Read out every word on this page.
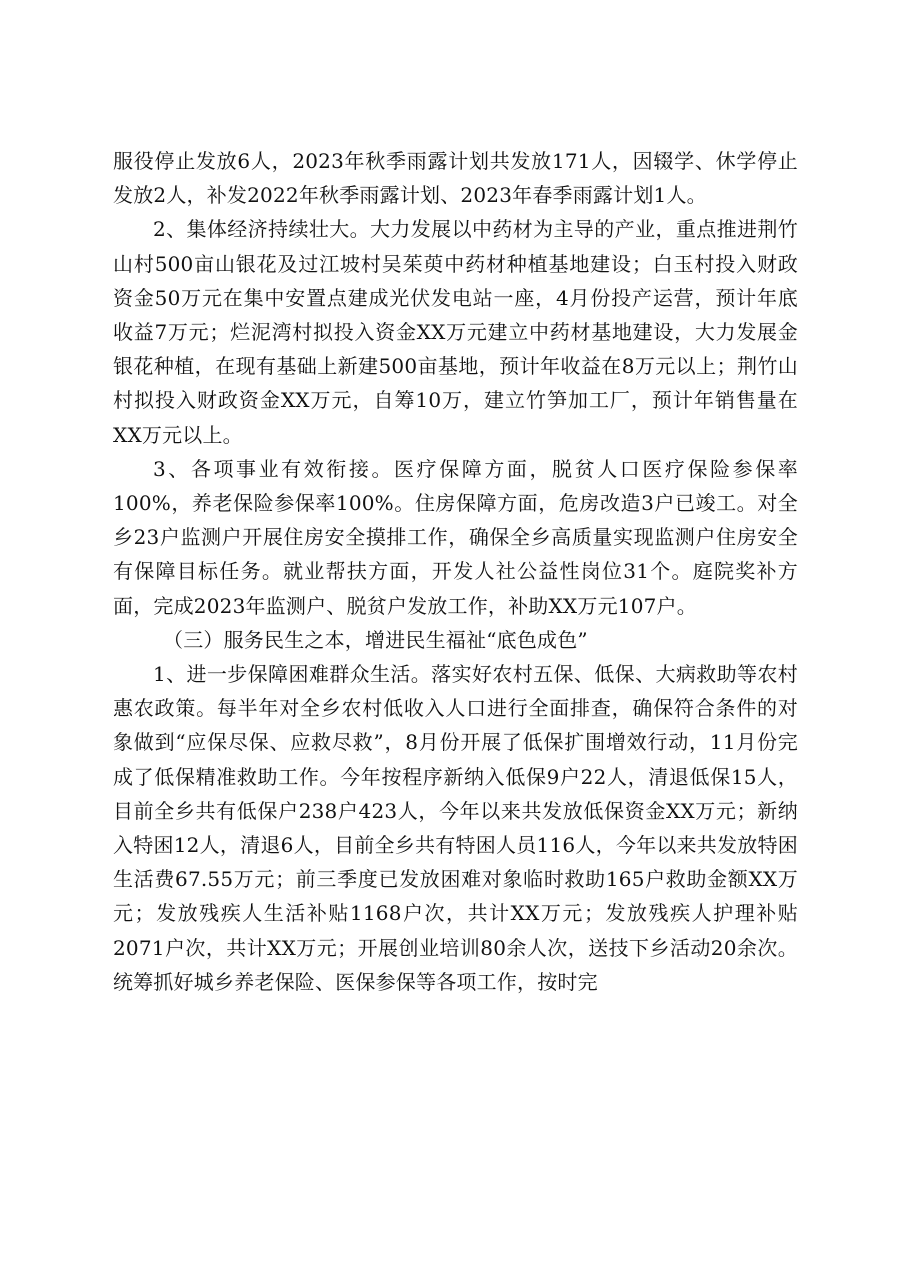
服役停止发放6人，2023年秋季雨露计划共发放171人，因辍学、休学停止发放2人，补发2022年秋季雨露计划、2023年春季雨露计划1人。

2、集体经济持续壮大。大力发展以中药材为主导的产业，重点推进荆竹山村500亩山银花及过江坡村吴茱萸中药材种植基地建设；白玉村投入财政资金50万元在集中安置点建成光伏发电站一座，4月份投产运营，预计年底收益7万元；烂泥湾村拟投入资金XX万元建立中药材基地建设，大力发展金银花种植，在现有基础上新建500亩基地，预计年收益在8万元以上；荆竹山村拟投入财政资金XX万元，自筹10万，建立竹笋加工厂，预计年销售量在XX万元以上。

3、各项事业有效衔接。医疗保障方面，脱贫人口医疗保险参保率100%，养老保险参保率100%。住房保障方面，危房改造3户已竣工。对全乡23户监测户开展住房安全摸排工作，确保全乡高质量实现监测户住房安全有保障目标任务。就业帮扶方面，开发人社公益性岗位31个。庭院奖补方面，完成2023年监测户、脱贫户发放工作，补助XX万元107户。

（三）服务民生之本，增进民生福祉“底色成色”

1、进一步保障困难群众生活。落实好农村五保、低保、大病救助等农村惠农政策。每半年对全乡农村低收入人口进行全面排查，确保符合条件的对象做到“应保尽保、应救尽救”，8月份开展了低保扩围增效行动，11月份完成了低保精准救助工作。今年按程序新纳入低保9户22人，清退低保15人，目前全乡共有低保户238户423人，今年以来共发放低保资金XX万元；新纳入特困12人，清退6人，目前全乡共有特困人员116人，今年以来共发放特困生活费67.55万元；前三季度已发放困难对象临时救助165户救助金额XX万元；发放残疾人生活补贴1168户次，共计XX万元；发放残疾人护理补贴2071户次，共计XX万元；开展创业培训80余人次，送技下乡活动20余次。统筹抓好城乡养老保险、医保参保等各项工作，按时完
